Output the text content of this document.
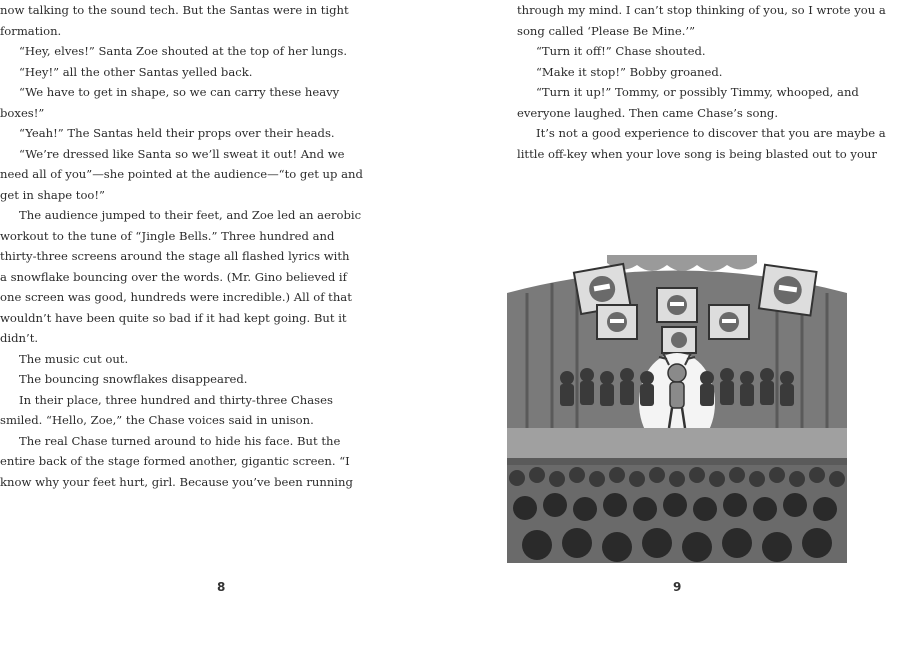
now talking to the sound tech. But the Santas were in tight
formation.
“Hey, elves!” Santa Zoe shouted at the top of her lungs.
“Hey!” all the other Santas yelled back.
“We have to get in shape, so we can carry these heavy
boxes!”
“Yeah!” The Santas held their props over their heads.
“We’re dressed like Santa so we’ll sweat it out! And we
need all of you”—she pointed at the audience—“to get up and
get in shape too!”
The audience jumped to their feet, and Zoe led an aerobic
workout to the tune of “Jingle Bells.” Three hundred and
thirty-three screens around the stage all flashed lyrics with
a snowflake bouncing over the words. (Mr. Gino believed if
one screen was good, hundreds were incredible.) All of that
wouldn’t have been quite so bad if it had kept going. But it
didn’t.
The music cut out.
The bouncing snowflakes disappeared.
In their place, three hundred and thirty-three Chases
smiled. “Hello, Zoe,” the Chase voices said in unison.
The real Chase turned around to hide his face. But the
entire back of the stage formed another, gigantic screen. “I
know why your feet hurt, girl. Because you’ve been running
through my mind. I can’t stop thinking of you, so I wrote you a
song called ‘Please Be Mine.’”
“Turn it off!” Chase shouted.
“Make it stop!” Bobby groaned.
“Turn it up!” Tommy, or possibly Timmy, whooped, and
everyone laughed. Then came Chase’s song.
It’s not a good experience to discover that you are maybe a
little off-key when your love song is being blasted out to your
8	9
